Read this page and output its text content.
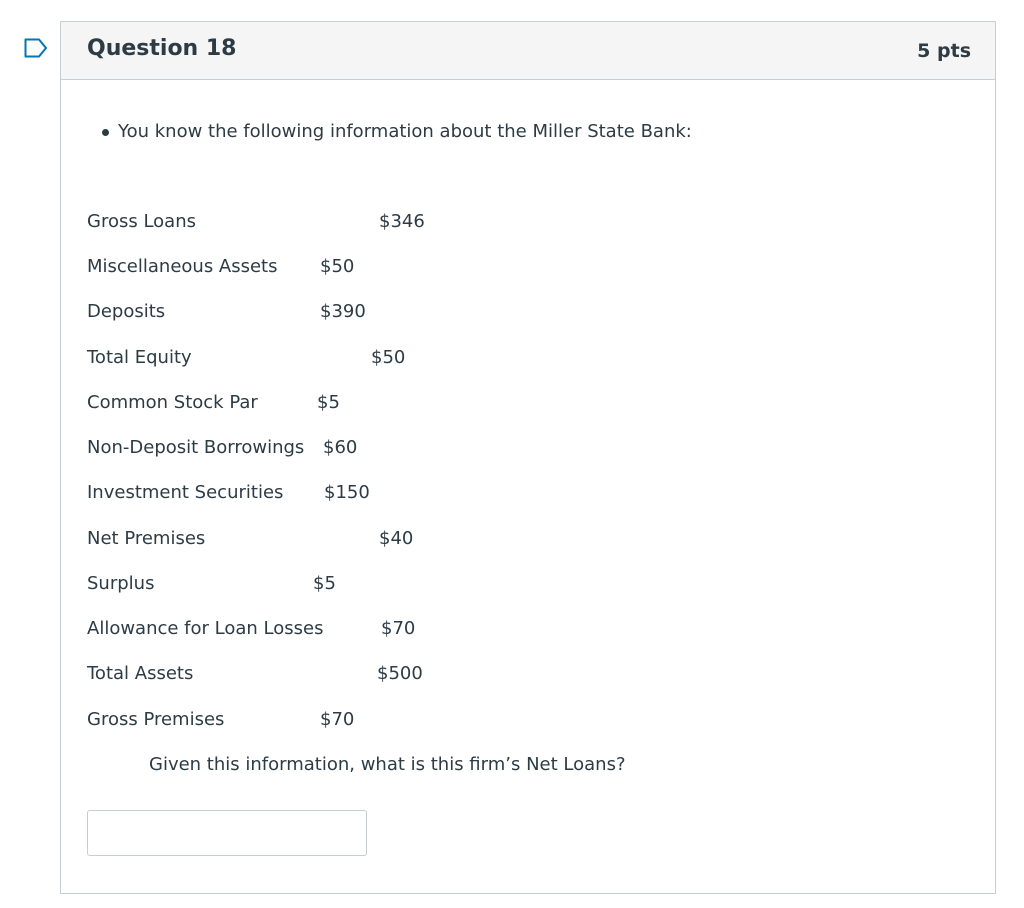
Question 18	5 pts
You know the following information about the Miller State Bank:
Gross Loans	$346
Miscellaneous Assets $50
Deposits	$390
Total Equity	$50
Common Stock Par	$5
Non-Deposit Borrowings $60
Investment Securities $150
Net Premises	$40
Surplus	$5
Allowance for Loan Losses	$70
Total Assets	$500
Gross Premises	$70
Given this information, what is this firm’s Net Loans?
